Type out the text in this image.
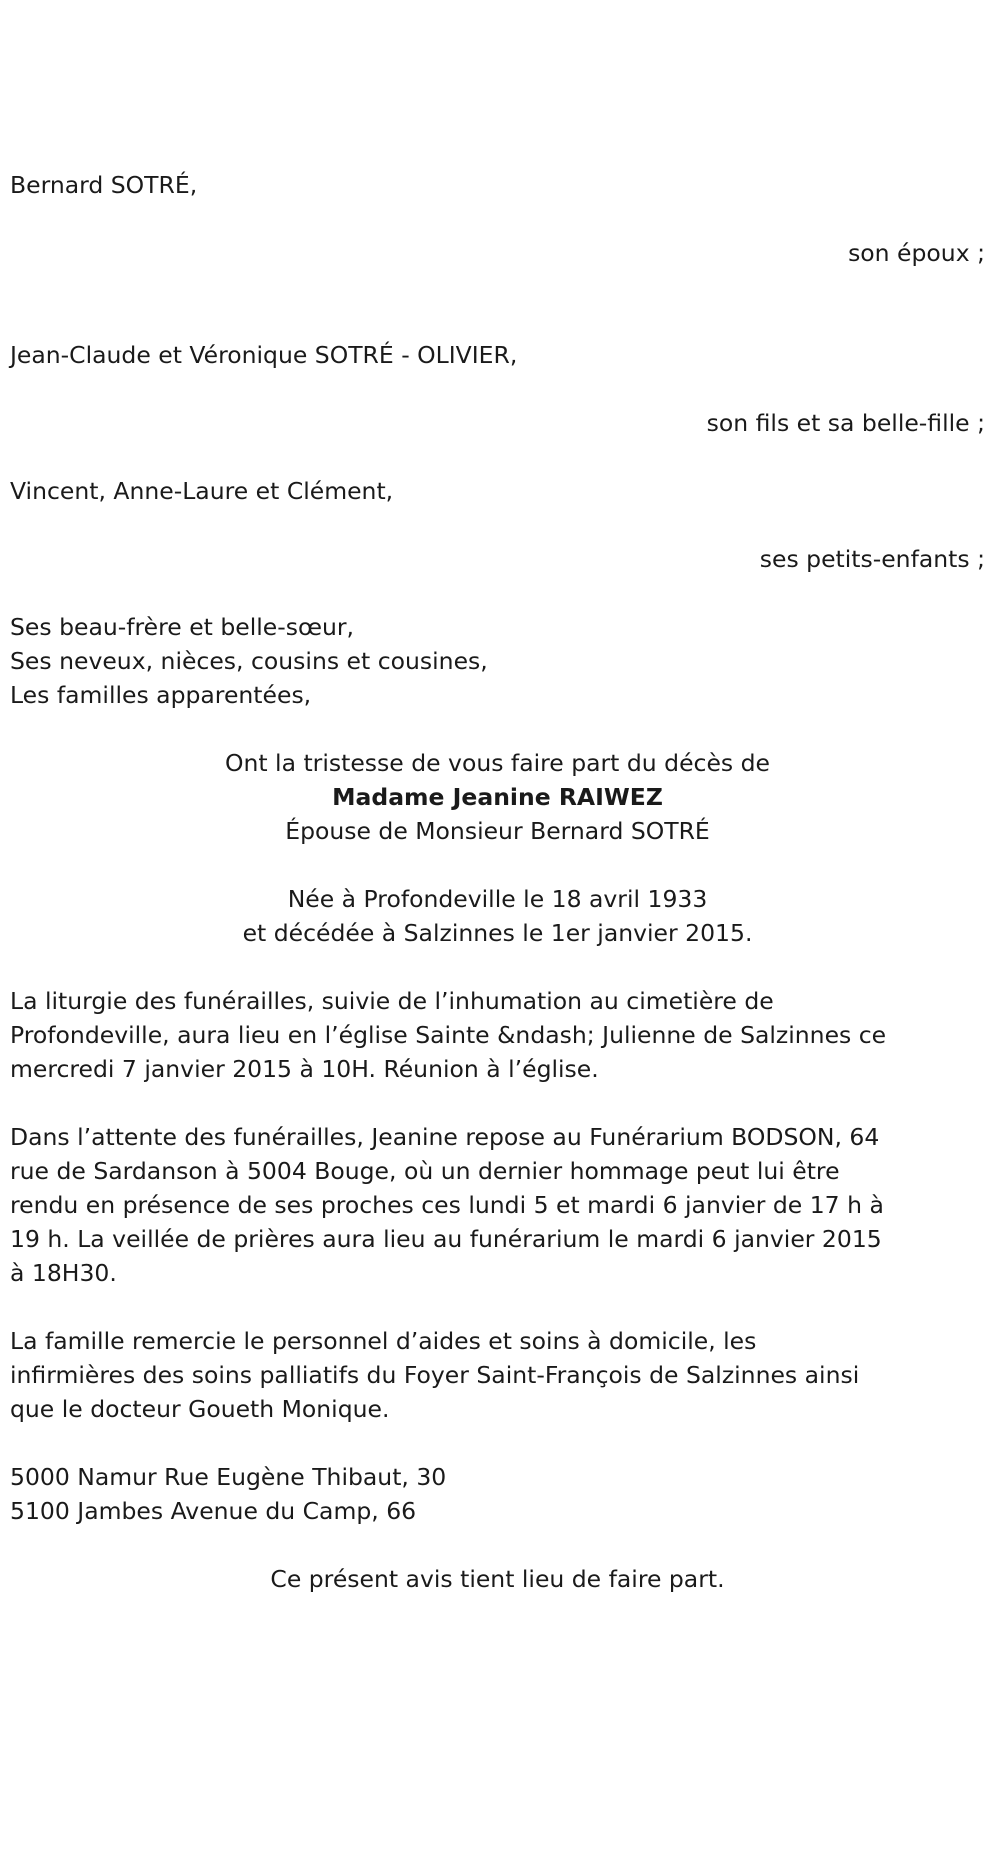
Bernard SOTRÉ,
son époux ;
Jean-Claude et Véronique SOTRÉ - OLIVIER,
son fils et sa belle-fille ;
Vincent, Anne-Laure et Clément,
ses petits-enfants ;
Ses beau-frère et belle-sœur,
Ses neveux, nièces, cousins et cousines,
Les familles apparentées,
Ont la tristesse de vous faire part du décès de
Madame Jeanine RAIWEZ
Épouse de Monsieur Bernard SOTRÉ
Née à Profondeville le 18 avril 1933
et décédée à Salzinnes le 1er janvier 2015.
La liturgie des funérailles, suivie de l’inhumation au cimetière de
Profondeville, aura lieu en l’église Sainte &ndash; Julienne de Salzinnes ce
mercredi 7 janvier 2015 à 10H. Réunion à l’église.
Dans l’attente des funérailles, Jeanine repose au Funérarium BODSON, 64
rue de Sardanson à 5004 Bouge, où un dernier hommage peut lui être
rendu en présence de ses proches ces lundi 5 et mardi 6 janvier de 17 h à
19 h. La veillée de prières aura lieu au funérarium le mardi 6 janvier 2015
à 18H30.
La famille remercie le personnel d’aides et soins à domicile, les
infirmières des soins palliatifs du Foyer Saint-François de Salzinnes ainsi
que le docteur Goueth Monique.
5000 Namur Rue Eugène Thibaut, 30
5100 Jambes Avenue du Camp, 66
Ce présent avis tient lieu de faire part.
